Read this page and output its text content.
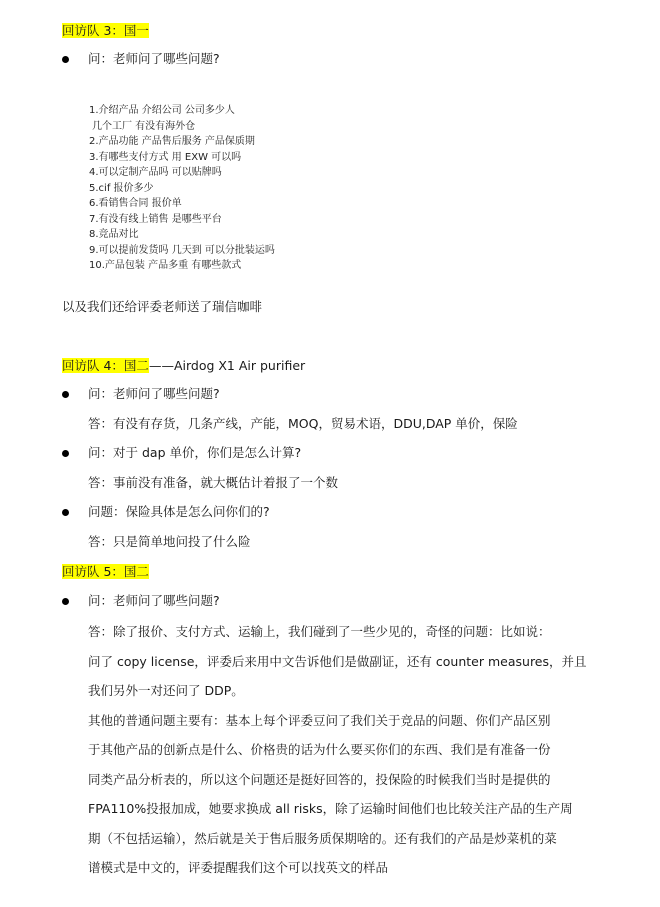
回访队 3：国一
问：老师问了哪些问题?
1.介绍产品 介绍公司 公司多少人
几个工厂 有没有海外仓
2.产品功能 产品售后服务 产品保质期
3.有哪些支付方式 用 EXW 可以吗
4.可以定制产品吗 可以贴牌吗
5.cif 报价多少
6.看销售合同 报价单
7.有没有线上销售 是哪些平台
8.竞品对比
9.可以提前发货吗 几天到 可以分批装运吗
10.产品包装 产品多重 有哪些款式
以及我们还给评委老师送了瑞信咖啡
回访队 4：国二——Airdog X1 Air purifier
问：老师问了哪些问题?
答：有没有存货，几条产线，产能，MOQ，贸易术语，DDU,DAP 单价，保险
问：对于 dap 单价，你们是怎么计算?
答：事前没有准备，就大概估计着报了一个数
问题：保险具体是怎么问你们的?
答：只是简单地问投了什么险
回访队 5：国二
问：老师问了哪些问题?
答：除了报价、支付方式、运输上，我们碰到了一些少见的，奇怪的问题：比如说：
问了 copy license，评委后来用中文告诉他们是做副证，还有 counter measures，并且
我们另外一对还问了 DDP。
其他的普通问题主要有：基本上每个评委豆问了我们关于竞品的问题、你们产品区别
于其他产品的创新点是什么、价格贵的话为什么要买你们的东西、我们是有准备一份
同类产品分析表的，所以这个问题还是挺好回答的，投保险的时候我们当时是提供的
FPA110%投报加成，她要求换成 all risks，除了运输时间他们也比较关注产品的生产周
期（不包括运输），然后就是关于售后服务质保期啥的。还有我们的产品是炒菜机的菜
谱模式是中文的，评委提醒我们这个可以找英文的样品
